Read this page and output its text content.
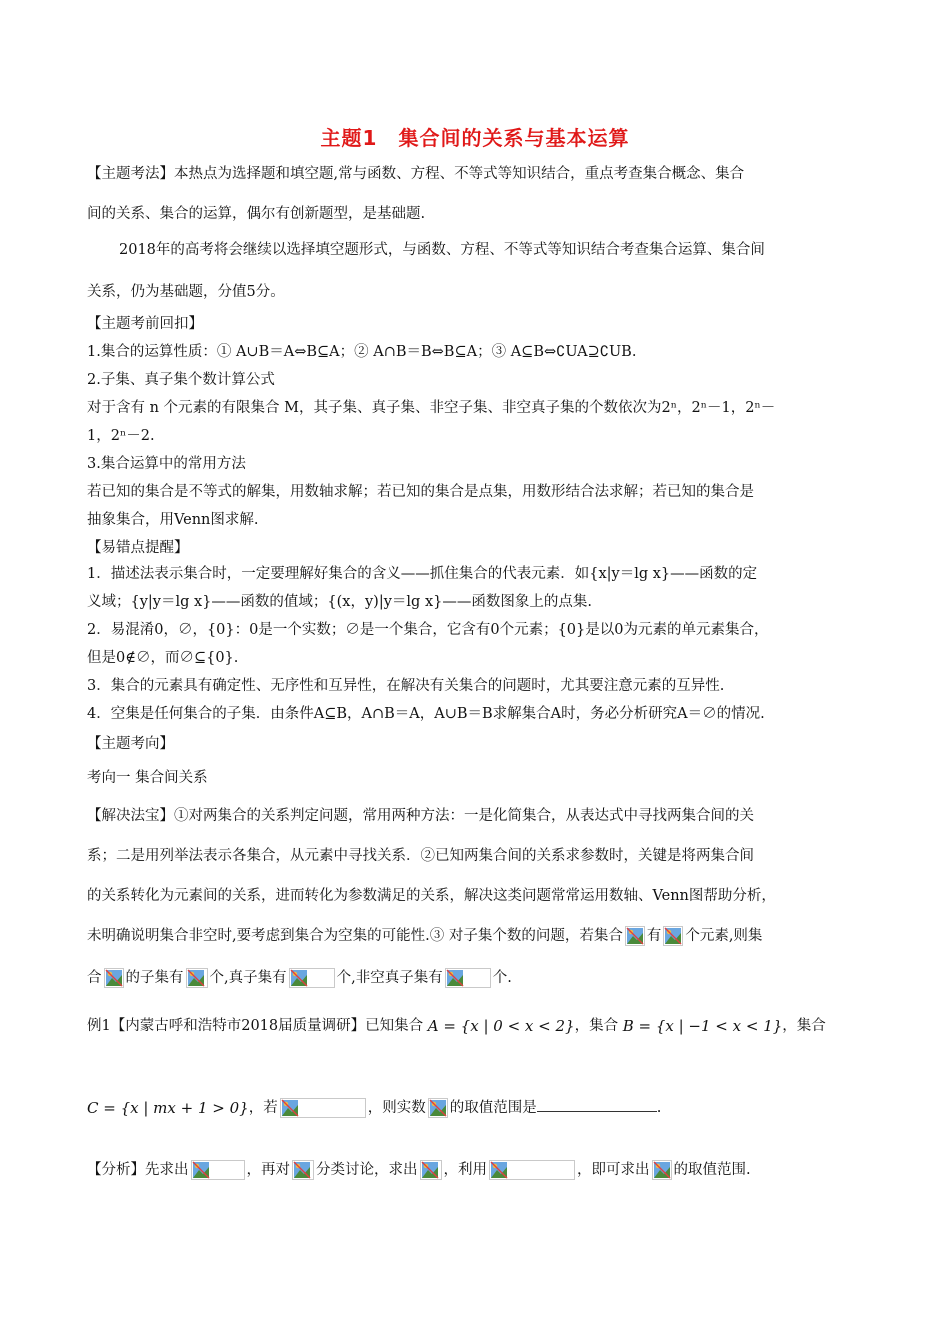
主题1　集合间的关系与基本运算
【主题考法】本热点为选择题和填空题,常与函数、方程、不等式等知识结合，重点考查集合概念、集合
间的关系、集合的运算，偶尔有创新题型，是基础题.
2018年的高考将会继续以选择填空题形式，与函数、方程、不等式等知识结合考查集合运算、集合间
关系，仍为基础题，分值5分。
【主题考前回扣】
1.集合的运算性质：① A∪B＝A⇔B⊆A；② A∩B＝B⇔B⊆A；③ A⊆B⇔∁UA⊇∁UB.
2.子集、真子集个数计算公式
对于含有 n 个元素的有限集合 M，其子集、真子集、非空子集、非空真子集的个数依次为2ⁿ，2ⁿ－1，2ⁿ－
1，2ⁿ－2.
3.集合运算中的常用方法
若已知的集合是不等式的解集，用数轴求解；若已知的集合是点集，用数形结合法求解；若已知的集合是
抽象集合，用Venn图求解.
【易错点提醒】
1．描述法表示集合时，一定要理解好集合的含义——抓住集合的代表元素．如{x|y＝lg x}——函数的定
义域；{y|y＝lg x}——函数的值域；{(x，y)|y＝lg x}——函数图象上的点集.
2．易混淆0，∅，{0}：0是一个实数；∅是一个集合，它含有0个元素；{0}是以0为元素的单元素集合，
但是0∉∅，而∅⊆{0}.
3．集合的元素具有确定性、无序性和互异性，在解决有关集合的问题时，尤其要注意元素的互异性.
4．空集是任何集合的子集．由条件A⊆B，A∩B＝A，A∪B＝B求解集合A时，务必分析研究A＝∅的情况.
【主题考向】
考向一 集合间关系
【解决法宝】①对两集合的关系判定问题，常用两种方法：一是化简集合，从表达式中寻找两集合间的关
系；二是用列举法表示各集合，从元素中寻找关系．②已知两集合间的关系求参数时，关键是将两集合间
的关系转化为元素间的关系，进而转化为参数满足的关系，解决这类问题常常运用数轴、Venn图帮助分析，
未明确说明集合非空时,要考虑到集合为空集的可能性.③ 对子集个数的问题，若集合 有 个元素,则集
合 的子集有 个,真子集有	个,非空真子集有	个.
例1【内蒙古呼和浩特市2018届质量调研】已知集合 A = {x | 0 < x < 2}，集合 B = {x | −1 < x < 1}，集合
C = {x | mx + 1 > 0}，若	，则实数 的取值范围是	.
【分析】先求出	，再对 分类讨论，求出 ，利用	，即可求出 的取值范围.
